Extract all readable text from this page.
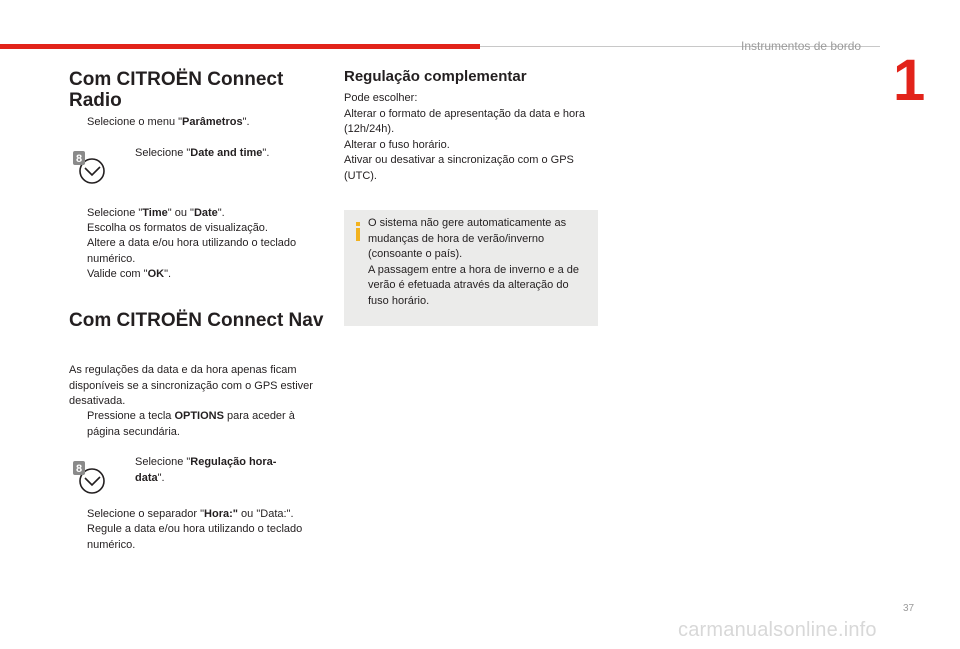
Instrumentos de bordo
1
Com CITROËN Connect
Radio
Selecione o menu "Parâmetros".
8	Selecione "Date and time".
Selecione "Time" ou "Date".
Escolha os formatos de visualização.
Altere a data e/ou hora utilizando o teclado numérico.
Valide com "OK".
Com CITROËN Connect Nav
As regulações da data e da hora apenas ficam disponíveis se a sincronização com o GPS estiver desativada.
Pressione a tecla OPTIONS para aceder à página secundária.
8
Selecione "Regulação hora-data".
Selecione o separador "Hora:" ou "Data:".
Regule a data e/ou hora utilizando o teclado numérico.
Regulação complementar
Pode escolher:
Alterar o formato de apresentação da data e hora (12h/24h).
Alterar o fuso horário.
Ativar ou desativar a sincronização com o GPS (UTC).
O sistema não gere automaticamente as mudanças de hora de verão/inverno (consoante o país).
A passagem entre a hora de inverno e a de verão é efetuada através da alteração do fuso horário.
37
carmanualsonline.info
